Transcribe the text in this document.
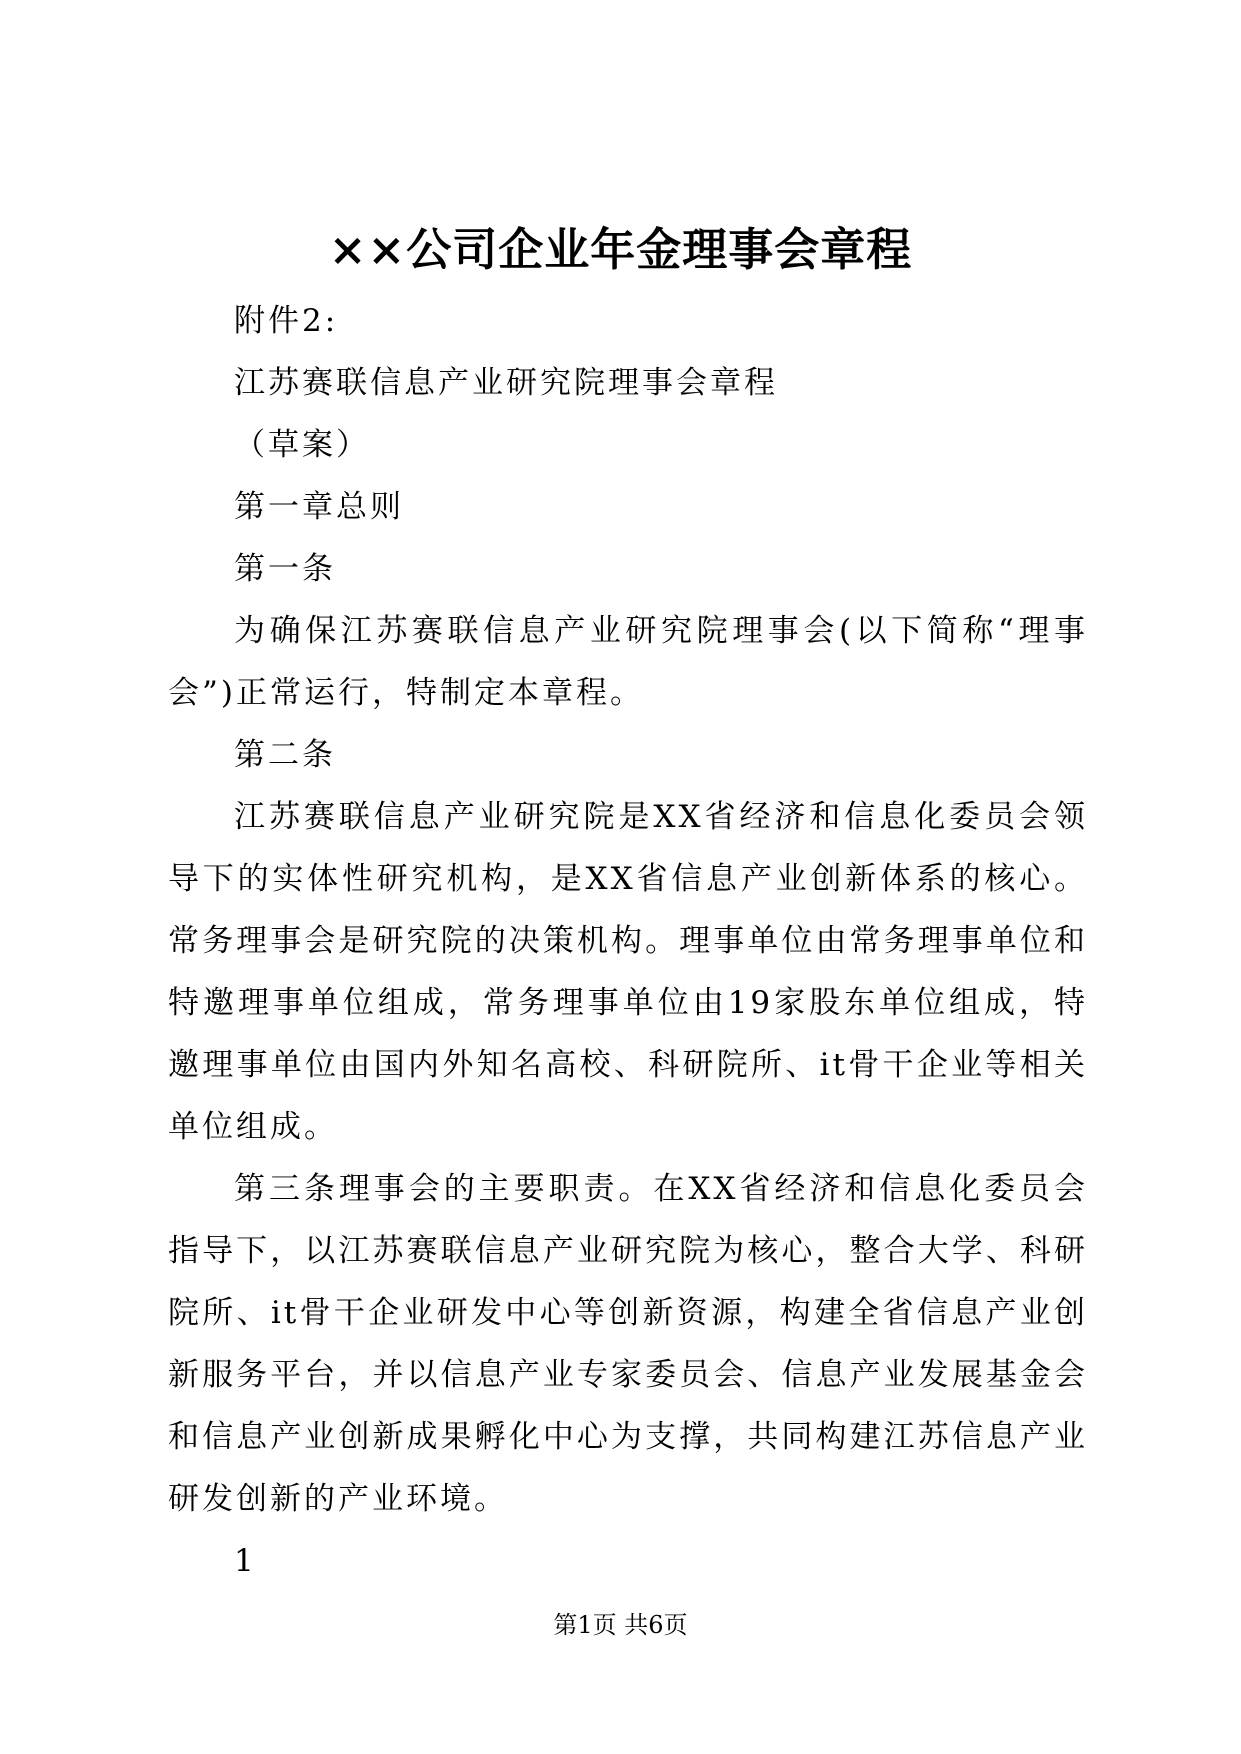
××公司企业年金理事会章程

附件2:

江苏赛联信息产业研究院理事会章程

（草案）

第一章总则

第一条

为确保江苏赛联信息产业研究院理事会(以下简称“理事会”)正常运行，特制定本章程。

第二条

江苏赛联信息产业研究院是XX省经济和信息化委员会领导下的实体性研究机构，是XX省信息产业创新体系的核心。常务理事会是研究院的决策机构。理事单位由常务理事单位和特邀理事单位组成，常务理事单位由19家股东单位组成，特邀理事单位由国内外知名高校、科研院所、it骨干企业等相关单位组成。

第三条理事会的主要职责。在XX省经济和信息化委员会指导下，以江苏赛联信息产业研究院为核心，整合大学、科研院所、it骨干企业研发中心等创新资源，构建全省信息产业创新服务平台，并以信息产业专家委员会、信息产业发展基金会和信息产业创新成果孵化中心为支撑，共同构建江苏信息产业研发创新的产业环境。

1

第1页 共6页
